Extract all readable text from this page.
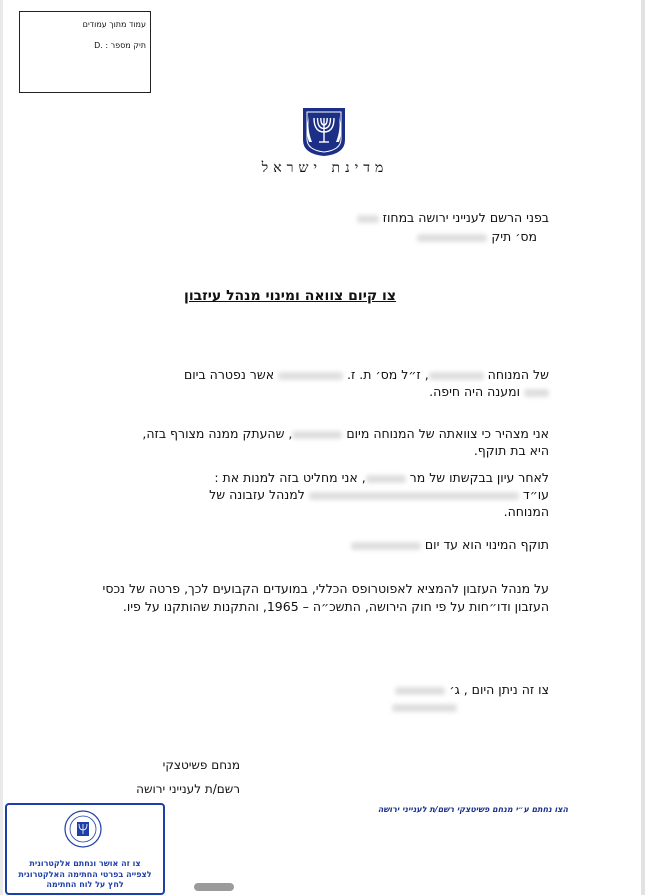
עמוד מתוך עמודים
תיק מספר : .D
מדינת ישראל
בפני הרשם לענייני ירושה במחוז
מס׳ תיק
צו קיום צוואה ומינוי מנהל עיזבון
של המנוחה , ז״ל מס׳ ת. ז.  אשר נפטרה ביום
ומענה היה חיפה.
אני מצהיר כי צוואתה של המנוחה מיום , שהעתק ממנה מצורף בזה,
היא בת תוקף.
לאחר עיון בבקשתו של מר , אני מחליט בזה למנות את :
עו״ד  למנהל עזבונה של
המנוחה.
תוקף המינוי הוא עד יום
על מנהל העזבון להמציא לאפוטרופס הכללי, במועדים הקבועים לכך, פרטה של נכסי העזבון ודו״חות על פי חוק הירושה, התשכ״ה – 1965, והתקנות שהותקנו על פיו.
צו זה ניתן היום , ג׳

מנחם פשיטצקי
רשם/ת לענייני ירושה
הצו נחתם ע״י מנחם פשיטצקי רשם/ת לענייני ירושה
צו זה אושר ונחתם אלקטרונית
לצפייה בפרטי החתימה האלקטרונית
לחץ על לוח החתימה
